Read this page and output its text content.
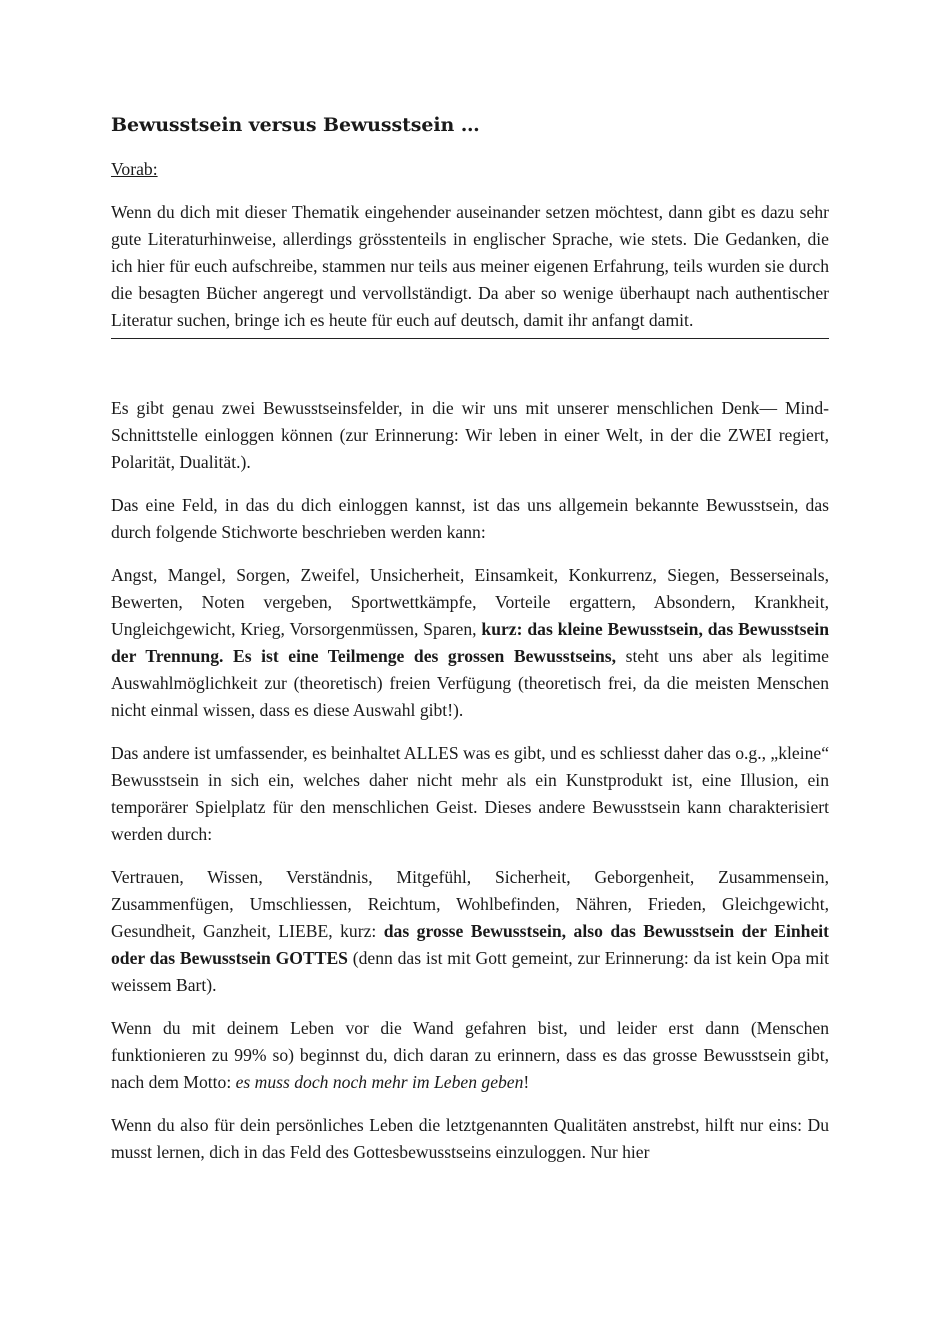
Bewusstsein versus Bewusstsein …
Vorab:

Wenn du dich mit dieser Thematik eingehender auseinander setzen möchtest, dann gibt es dazu sehr gute Literaturhinweise, allerdings grösstenteils in englischer Sprache, wie stets. Die Gedanken, die ich hier für euch aufschreibe, stammen nur teils aus meiner eigenen Erfahrung, teils wurden sie durch die besagten Bücher angeregt und vervollständigt. Da aber so wenige überhaupt nach authentischer Literatur suchen, bringe ich es heute für euch auf deutsch, damit ihr anfangt damit.

Es gibt genau zwei Bewusstseinsfelder, in die wir uns mit unserer menschlichen Denk— Mind-Schnittstelle einloggen können (zur Erinnerung: Wir leben in einer Welt, in der die ZWEI regiert, Polarität, Dualität.).

Das eine Feld, in das du dich einloggen kannst, ist das uns allgemein bekannte Bewusstsein, das durch folgende Stichworte beschrieben werden kann:

Angst, Mangel, Sorgen, Zweifel, Unsicherheit, Einsamkeit, Konkurrenz, Siegen, Besserseinals, Bewerten, Noten vergeben, Sportwettkämpfe, Vorteile ergattern, Absondern, Krankheit, Ungleichgewicht, Krieg, Vorsorgenmüssen, Sparen, kurz: das kleine Bewusstsein, das Bewusstsein der Trennung. Es ist eine Teilmenge des grossen Bewusstseins, steht uns aber als legitime Auswahlmöglichkeit zur (theoretisch) freien Verfügung (theoretisch frei, da die meisten Menschen nicht einmal wissen, dass es diese Auswahl gibt!).

Das andere ist umfassender, es beinhaltet ALLES was es gibt, und es schliesst daher das o.g., „kleine“ Bewusstsein in sich ein, welches daher nicht mehr als ein Kunstprodukt ist, eine Illusion, ein temporärer Spielplatz für den menschlichen Geist. Dieses andere Bewusstsein kann charakterisiert werden durch:

Vertrauen, Wissen, Verständnis, Mitgefühl, Sicherheit, Geborgenheit, Zusammensein, Zusammenfügen, Umschliessen, Reichtum, Wohlbefinden, Nähren, Frieden, Gleichgewicht, Gesundheit, Ganzheit, LIEBE, kurz: das grosse Bewusstsein, also das Bewusstsein der Einheit oder das Bewusstsein GOTTES (denn das ist mit Gott gemeint, zur Erinnerung: da ist kein Opa mit weissem Bart).

Wenn du mit deinem Leben vor die Wand gefahren bist, und leider erst dann (Menschen funktionieren zu 99% so) beginnst du, dich daran zu erinnern, dass es das grosse Bewusstsein gibt, nach dem Motto: es muss doch noch mehr im Leben geben!

Wenn du also für dein persönliches Leben die letztgenannten Qualitäten anstrebst, hilft nur eins: Du musst lernen, dich in das Feld des Gottesbewusstseins einzuloggen. Nur hier
